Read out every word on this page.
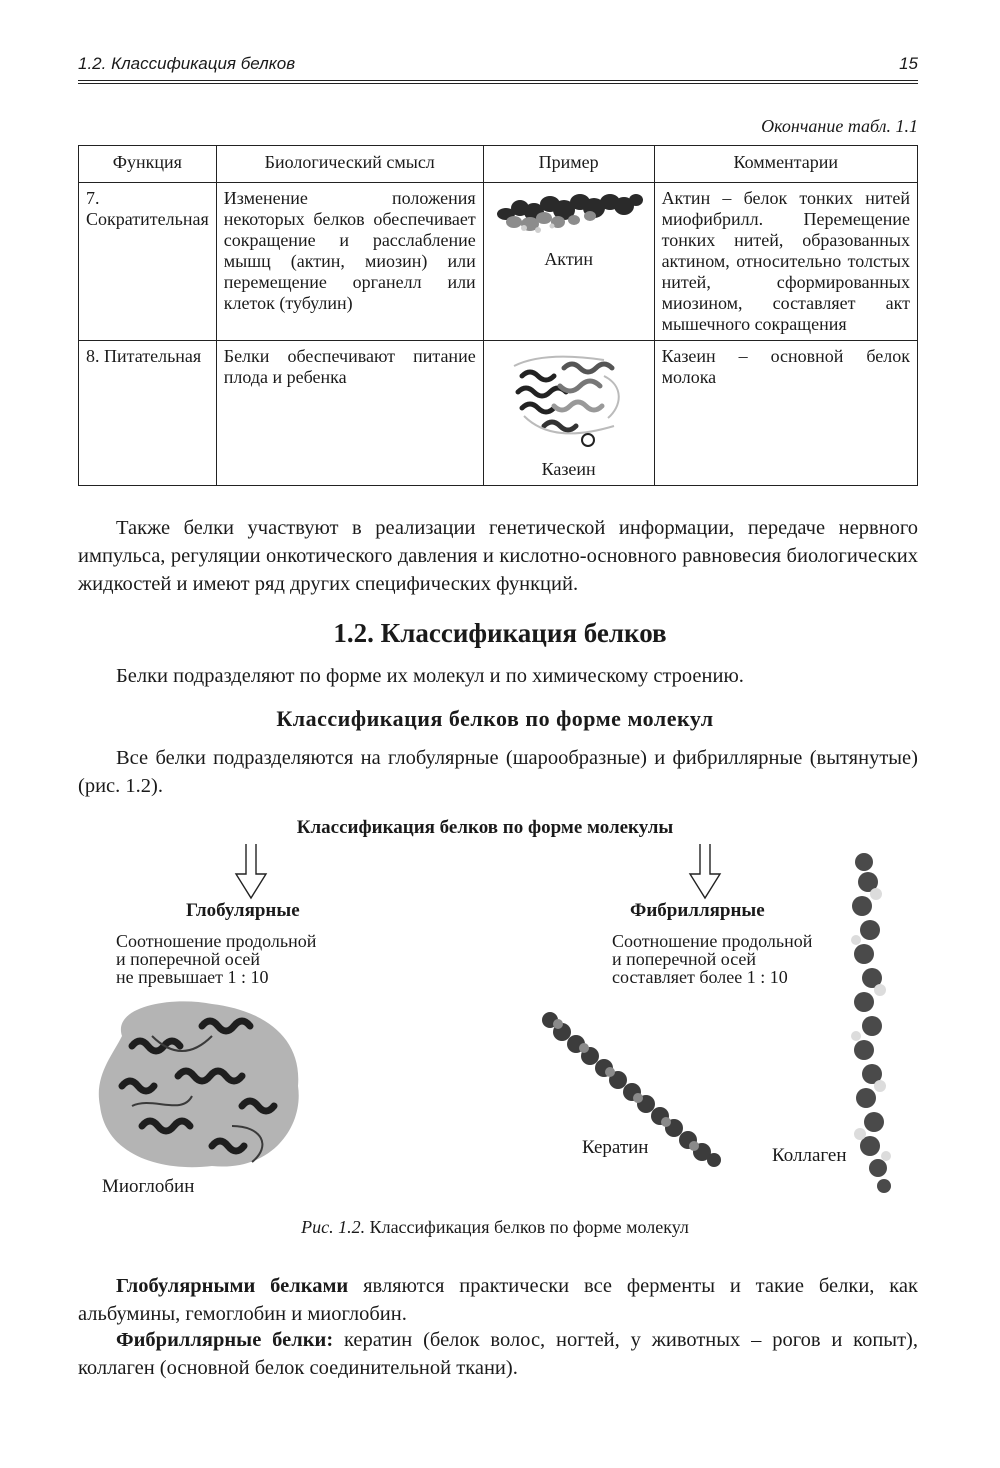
1.2. Классификация белков	15
Окончание табл. 1.1
Функция	Биологический смысл	Пример	Комментарии
7. Сократительная	Изменение положения некоторых белков обеспечивает сокращение и расслабление мышц (актин, миозин) или перемещение органелл или клеток (тубулин)	Актин	Актин – белок тонких нитей миофибрилл. Перемещение тонких нитей, образованных актином, относительно толстых нитей, сформированных миозином, составляет акт мышечного сокращения
8. Питательная	Белки обеспечивают питание плода и ребенка	Казеин	Казеин – основной белок молока

Также белки участвуют в реализации генетической информации, передаче нервного импульса, регуляции онкотического давления и кислотно-основного равновесия биологических жидкостей и имеют ряд других специфических функций.

1.2. Классификация белков

Белки подразделяют по форме их молекул и по химическому строению.

Классификация белков по форме молекул

Все белки подразделяются на глобулярные (шарообразные) и фибриллярные (вытянутые) (рис. 1.2).

Классификация белков по форме молекулы
Глобулярные
Соотношение продольной
и поперечной осей
не превышает 1 : 10
Фибриллярные
Соотношение продольной
и поперечной осей
составляет более 1 : 10
Миоглобин
Кератин	Коллаген
Рис. 1.2. Классификация белков по форме молекул

Глобулярными белками являются практически все ферменты и такие белки, как альбумины, гемоглобин и миоглобин.

Фибриллярные белки: кератин (белок волос, ногтей, у животных – рогов и копыт), коллаген (основной белок соединительной ткани).
